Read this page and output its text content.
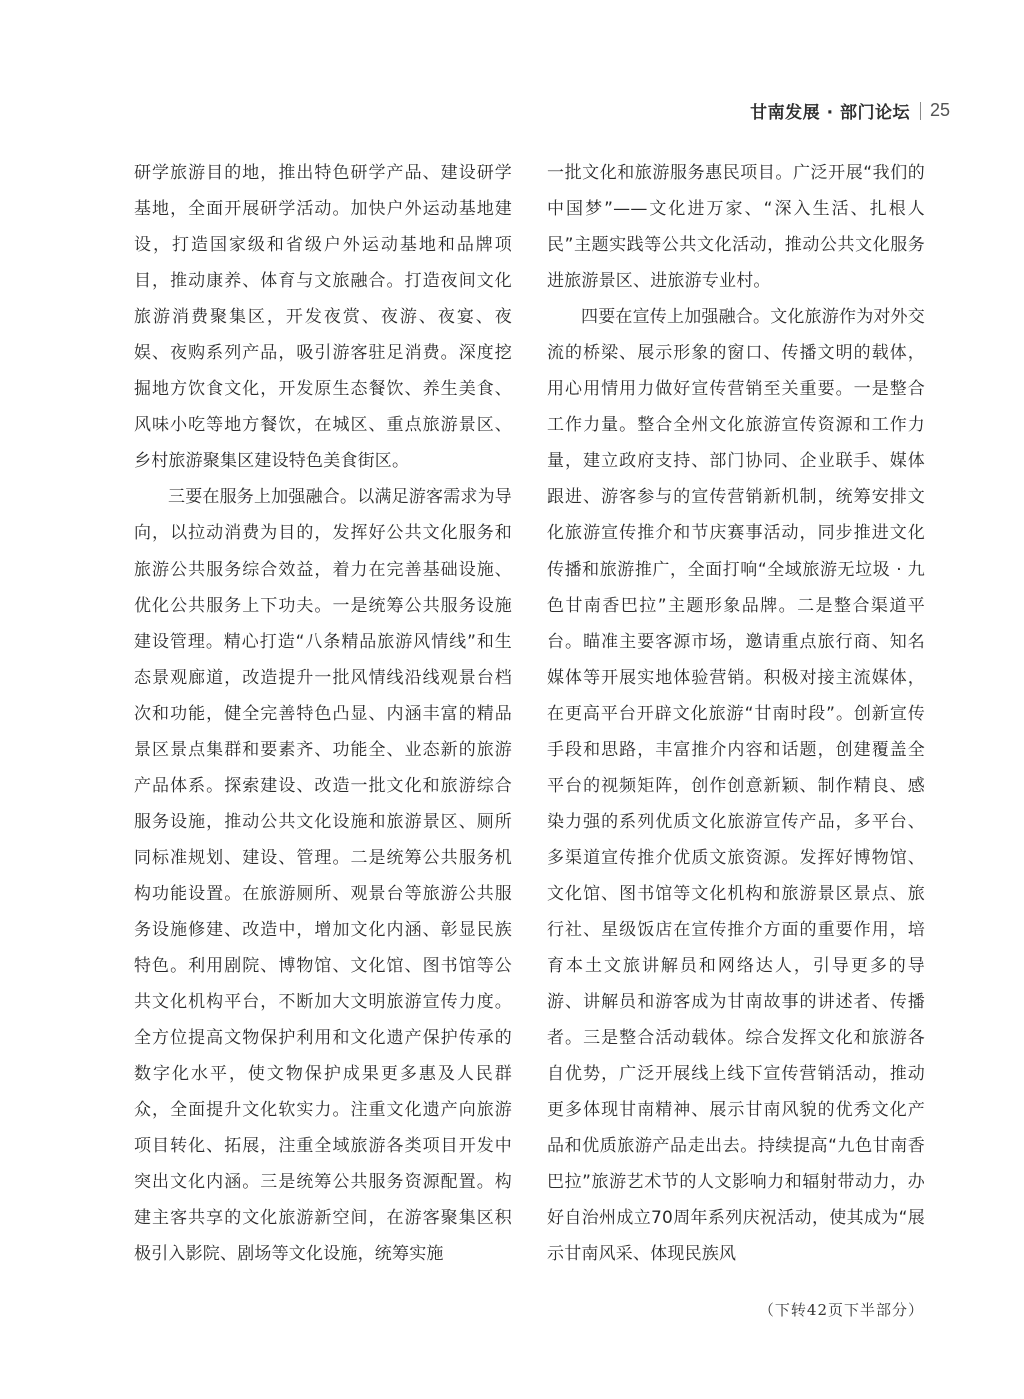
甘南发展 · 部门论坛 25

研学旅游目的地，推出特色研学产品、建设研学基地，全面开展研学活动。加快户外运动基地建设，打造国家级和省级户外运动基地和品牌项目，推动康养、体育与文旅融合。打造夜间文化旅游消费聚集区，开发夜赏、夜游、夜宴、夜娱、夜购系列产品，吸引游客驻足消费。深度挖掘地方饮食文化，开发原生态餐饮、养生美食、风味小吃等地方餐饮，在城区、重点旅游景区、乡村旅游聚集区建设特色美食街区。

三要在服务上加强融合。以满足游客需求为导向，以拉动消费为目的，发挥好公共文化服务和旅游公共服务综合效益，着力在完善基础设施、优化公共服务上下功夫。一是统筹公共服务设施建设管理。精心打造“八条精品旅游风情线”和生态景观廊道，改造提升一批风情线沿线观景台档次和功能，健全完善特色凸显、内涵丰富的精品景区景点集群和要素齐、功能全、业态新的旅游产品体系。探索建设、改造一批文化和旅游综合服务设施，推动公共文化设施和旅游景区、厕所同标准规划、建设、管理。二是统筹公共服务机构功能设置。在旅游厕所、观景台等旅游公共服务设施修建、改造中，增加文化内涵、彰显民族特色。利用剧院、博物馆、文化馆、图书馆等公共文化机构平台，不断加大文明旅游宣传力度。全方位提高文物保护利用和文化遗产保护传承的数字化水平，使文物保护成果更多惠及人民群众，全面提升文化软实力。注重文化遗产向旅游项目转化、拓展，注重全域旅游各类项目开发中突出文化内涵。三是统筹公共服务资源配置。构建主客共享的文化旅游新空间，在游客聚集区积极引入影院、剧场等文化设施，统筹实施

一批文化和旅游服务惠民项目。广泛开展“我们的中国梦”——文化进万家、“深入生活、扎根人民”主题实践等公共文化活动，推动公共文化服务进旅游景区、进旅游专业村。

四要在宣传上加强融合。文化旅游作为对外交流的桥梁、展示形象的窗口、传播文明的载体，用心用情用力做好宣传营销至关重要。一是整合工作力量。整合全州文化旅游宣传资源和工作力量，建立政府支持、部门协同、企业联手、媒体跟进、游客参与的宣传营销新机制，统筹安排文化旅游宣传推介和节庆赛事活动，同步推进文化传播和旅游推广，全面打响“全域旅游无垃圾 · 九色甘南香巴拉”主题形象品牌。二是整合渠道平台。瞄准主要客源市场，邀请重点旅行商、知名媒体等开展实地体验营销。积极对接主流媒体，在更高平台开辟文化旅游“甘南时段”。创新宣传手段和思路，丰富推介内容和话题，创建覆盖全平台的视频矩阵，创作创意新颖、制作精良、感染力强的系列优质文化旅游宣传产品，多平台、多渠道宣传推介优质文旅资源。发挥好博物馆、文化馆、图书馆等文化机构和旅游景区景点、旅行社、星级饭店在宣传推介方面的重要作用，培育本土文旅讲解员和网络达人，引导更多的导游、讲解员和游客成为甘南故事的讲述者、传播者。三是整合活动载体。综合发挥文化和旅游各自优势，广泛开展线上线下宣传营销活动，推动更多体现甘南精神、展示甘南风貌的优秀文化产品和优质旅游产品走出去。持续提高“九色甘南香巴拉”旅游艺术节的人文影响力和辐射带动力，办好自治州成立70周年系列庆祝活动，使其成为“展示甘南风采、体现民族风

（下转42页下半部分）
